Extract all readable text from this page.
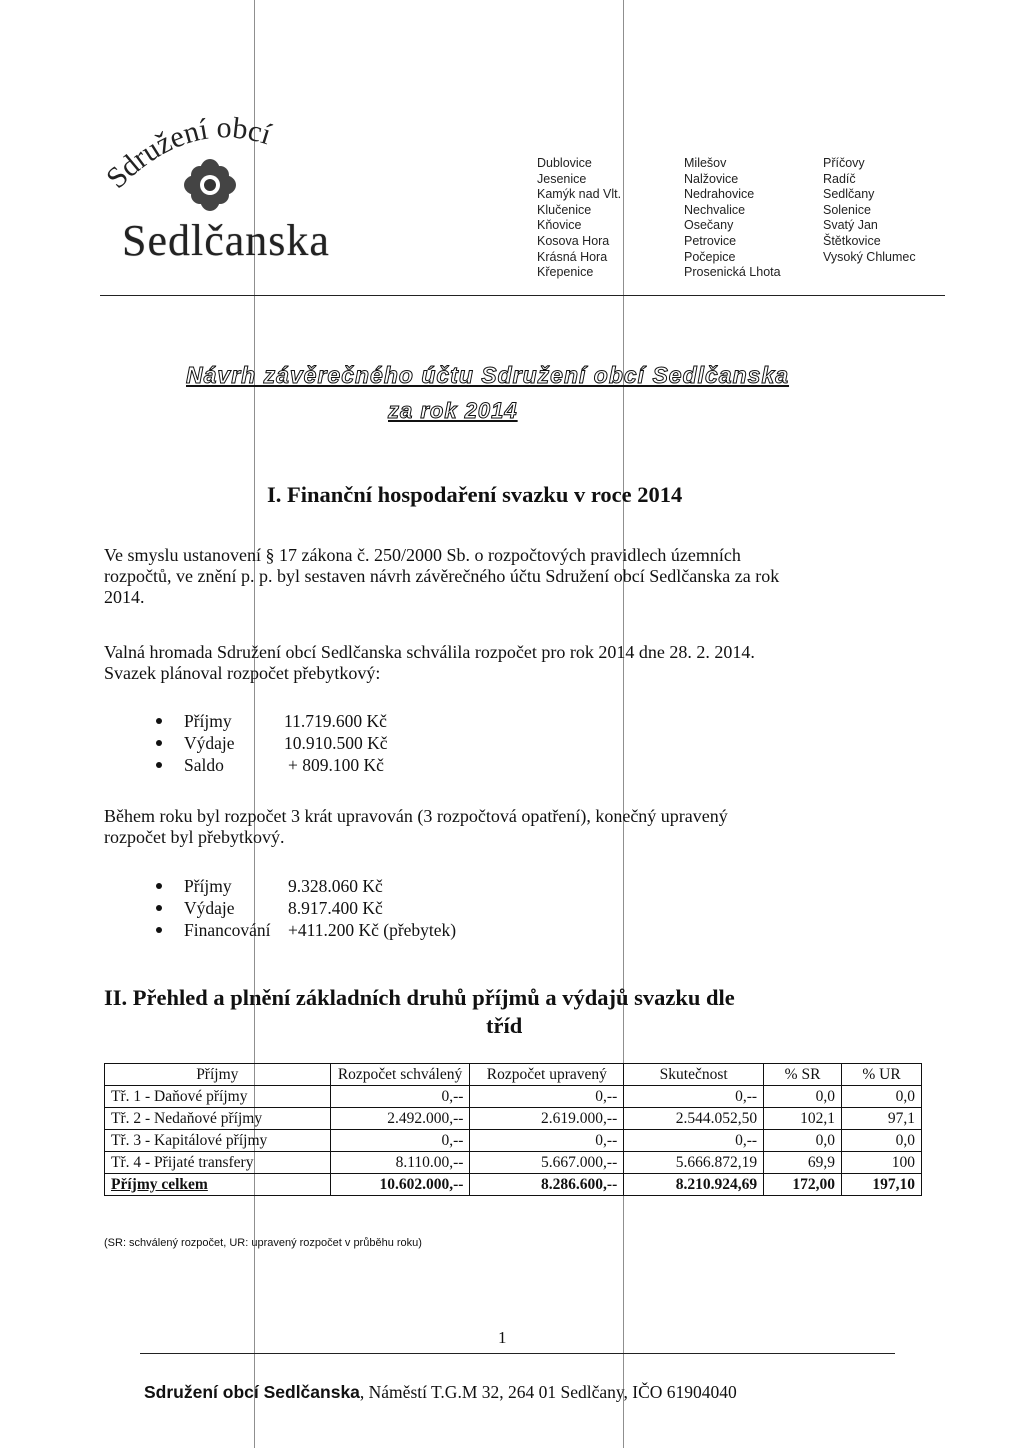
Sdružení obcí
Sedlčanska
Dublovice
Jesenice
Kamýk nad Vlt.
Klučenice
Kňovice
Kosova Hora
Krásná Hora
Křepenice
Milešov
Nalžovice
Nedrahovice
Nechvalice
Osečany
Petrovice
Počepice
Prosenická Lhota
Příčovy
Radíč
Sedlčany
Solenice
Svatý Jan
Štětkovice
Vysoký Chlumec
Návrh závěrečného účtu Sdružení obcí Sedlčanska
za rok 2014
I. Finanční hospodaření svazku v roce 2014
Ve smyslu ustanovení § 17 zákona č. 250/2000 Sb. o rozpočtových pravidlech územních
rozpočtů, ve znění p. p. byl sestaven návrh závěrečného účtu Sdružení obcí Sedlčanska za rok
2014.
Valná hromada Sdružení obcí Sedlčanska schválila rozpočet pro rok 2014 dne 28. 2. 2014.
Svazek plánoval rozpočet přebytkový:
Příjmy	11.719.600 Kč
Výdaje	10.910.500 Kč
Saldo	+ 809.100 Kč
Během roku byl rozpočet 3 krát upravován (3 rozpočtová opatření), konečný upravený
rozpočet byl přebytkový.
Příjmy	9.328.060 Kč
Výdaje	8.917.400 Kč
Financování +411.200 Kč (přebytek)
II. Přehled a plnění základních druhů příjmů a výdajů svazku dle
tříd
Příjmy	Rozpočet schválený	Rozpočet upravený	Skutečnost	% SR	% UR
Tř. 1 - Daňové příjmy	0,--	0,--	0,--	0,0	0,0
Tř. 2 - Nedaňové příjmy	2.492.000,--	2.619.000,--	2.544.052,50	102,1	97,1
Tř. 3 - Kapitálové příjmy	0,--	0,--	0,--	0,0	0,0
Tř. 4 - Přijaté transfery	8.110.00,--	5.667.000,--	5.666.872,19	69,9	100
Příjmy celkem	10.602.000,--	8.286.600,--	8.210.924,69	172,00	197,10
(SR: schválený rozpočet, UR: upravený rozpočet v průběhu roku)
1
Sdružení obcí Sedlčanska, Náměstí T.G.M 32, 264 01 Sedlčany, IČO 61904040
